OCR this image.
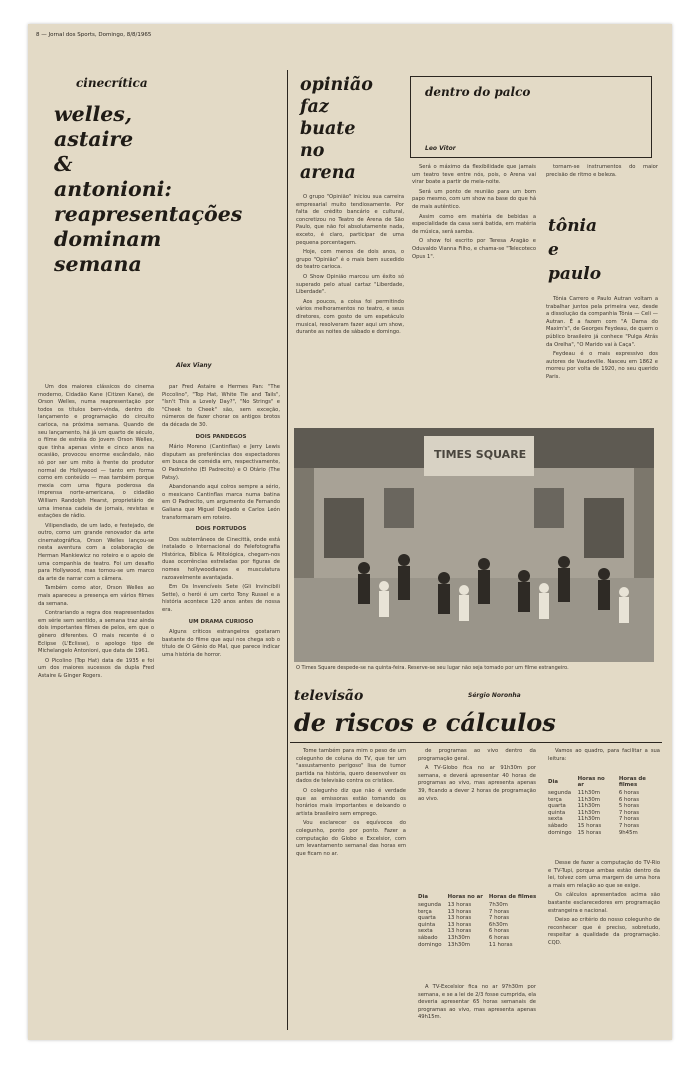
8 — Jornal dos Sports, Domingo, 8/8/1965
cinecrítica
welles,
astaire
&
antonioni:
reapresentações
dominam
semana
Alex Viany

Um dos maiores clássicos do cinema moderno, Cidadão Kane (Citizen Kane), de Orson Welles, numa reapresentação por todos os títulos bem-vinda, dentro do lançamento e programação do circuito carioca, na próxima semana. Quando de seu lançamento, há já um quarto de século, o filme de estréia do jovem Orson Welles, que tinha apenas vinte e cinco anos na ocasião, provocou enorme escândalo, não só por ser um mito à frente do produtor normal de Hollywood — tanto em forma como em conteúdo — mas também porque mexia com uma figura poderosa da imprensa norte-americana, o cidadão William Randolph Hearst, proprietário de uma imensa cadeia de jornais, revistas e estações de rádio.

Vilipendiado, de um lado, e festejado, de outro, como um grande renovador da arte cinematográfica, Orson Welles lançou-se nesta aventura com a colaboração de Herman Mankiewicz no roteiro e o apoio de uma companhia de teatro. Foi um desafio para Hollywood, mas tornou-se um marco da arte de narrar com a câmera.

Também como ator, Orson Welles ao mais apareceu a presença em vários filmes da semana.

Contrariando a regra dos reapresentados em série sem sentido, a semana traz ainda dois importantes filmes de pelos, em que o gênero diferentes. O mais recente é o Eclipse (L'Eclisse), o apologo tipo de Michelangelo Antonioni, que data de 1961.

O Picolino (Top Hat) data de 1935 e foi um dos maiores sucessos da dupla Fred Astaire & Ginger Rogers.

par Fred Astaire e Hermes Pan: "The Piccolino", "Top Hat, White Tie and Tails", "Isn't This a Lovely Day?", "No Strings" e "Cheek to Cheek" são, sem exceção, números de fazer chorar os antigos brotos da década de 30.

DOIS PANDEGOS

Mário Moreno (Cantinflas) e Jerry Lewis disputam as preferências dos espectadores em busca de comédia em, respectivamente, O Padrezinho (El Padrecito) e O Otário (The Patsy).

Abandonando aqui colros sempre a sério, o mexicano Cantinflas marca numa batina em O Padrecito, um argumento de Fernando Galiana que Miguel Delgado e Carlos León transformaram em roteiro.

DOIS FORTUDOS

Dos subterrâneos de Cinecittà, onde está instalado o Internacional do Felefotografia Histórica, Bíblica & Mitológica, chegam-nos duas ocorrências estreladas por figuras de nomes hollywoodianos e musculatura razoavelmente avantajada.

Em Os Invencíveis Sete (Gli Invincibili Sette), o herói é um certo Tony Russel e a história acontece 120 anos antes de nossa era.

UM DRAMA CURIOSO

Alguns críticos estrangeiros gostaram bastante do filme que aqui nos chega sob o título de O Gênio do Mal, que parece indicar uma história de horror.

opinião
faz
buate
no
arena

O grupo "Opinião" iniciou sua carreira empresarial muito tendiosamente. Por falta de crédito bancário e cultural, concretizou no Teatro de Arena de São Paulo, que não foi absolutamente nada, exceto, é claro, participar de uma pequena porcentagem.

Hoje, com menos de dois anos, o grupo "Opinião" é o mais bem sucedido do teatro carioca.

O Show Opinião marcou um êxito só superado pelo atual cartaz "Liberdade, Liberdade".

Aos poucos, a coisa foi permitindo vários melhoramentos no teatro, e seus diretores, com gosto de um espetáculo musical, resolveram fazer aqui um show, durante as noites de sábado e domingo.

dentro do palco
Leo Vitor

Será o máximo da flexibilidade que jamais um teatro teve entre nós, pois, o Arena vai virar boate a partir de meia-noite.

Será um ponto de reunião para um bom papo mesmo, com um show na base do que há de mais autêntico.

Assim como em matéria de bebidas a especialidade da casa será batida, em matéria de música, será samba.

O show foi escrito por Teresa Aragão e Oduvaldo Vianna Filho, e chama-se "Telecoteco Opus 1".

tornam-se instrumentos do maior precisão de ritmo e beleza.

tônia
e
paulo

Tônia Carrero e Paulo Autran voltam a trabalhar juntos pela primeira vez, desde a dissolução da companhia Tônia — Celi — Autran. É a fazem com "A Dama do Maxim's", de Georges Feydeau, de quem o público brasileiro já conhece "Pulga Atrás da Orelha", "O Marido vai à Caça".

Feydeau é o mais expressivo dos autores de Vaudeville. Nasceu em 1862 e morreu por volta de 1920, no seu querido Paris.

TIMES SQUARE
O Times Square despede-se na quinta-feira. Reserve-se seu lugar não seja tomado por um filme estrangeiro.
televisão	Sérgio Noronha
de riscos e cálculos

Tome também para mim o peso de um colegunho de coluna do TV, que ter um "assustamento perigoso" lisa de tumor partida na história, quero desenvolver os dados de televisão contra os cristãos.

O colegunho diz que não é verdade que as emissoras estão tomando os horários mais importantes e deixando o artista brasileiro sem emprego.

Vou esclarecer os equívocos do colegunho, ponto por ponto. Fazer a computação do Globo e Excelsior, com um levantamento semanal das horas em que ficam no ar.

de programas ao vivo dentro da programação geral.

A TV-Globo fica no ar 91h30m por semana, e deverá apresentar 40 horas de programas ao vivo, mas apresenta apenas 39, ficando a dever 2 horas de programação ao vivo.

Dia	Horas no ar	Horas de filmes
segunda	13 horas	7h30m
terça	13 horas	7 horas
quarta	13 horas	7 horas
quinta	13 horas	6h30m
sexta	13 horas	6 horas
sábado	13h30m	6 horas
domingo	13h30m	11 horas

A TV-Excelsior fica no ar 97h30m por semana, e se a lei de 2/3 fosse cumprida, ela deveria apresentar 65 horas semanais de programas ao vivo, mas apresenta apenas 49h15m.

Vamos ao quadro, para facilitar a sua leitura:

Dia	Horas no ar	Horas de filmes
segunda	11h30m	6 horas
terça	11h30m	6 horas
quarta	11h30m	5 horas
quinta	11h30m	7 horas
sexta	11h30m	7 horas
sábado	15 horas	7 horas
domingo	15 horas	9h45m

Desse de fazer a computação do TV-Rio e TV-Tupi, porque ambas estão dentro da lei, tolvez com uma margem de uma hora a mais em relação ao que se exige.

Os cálculos apresentados acima são bastante esclarecedores em programação estrangeira e nacional.

Deixo ao critério do nosso colegunho de reconhecer que é preciso, sobretudo, respeitar a qualidade da programação. CQD.
